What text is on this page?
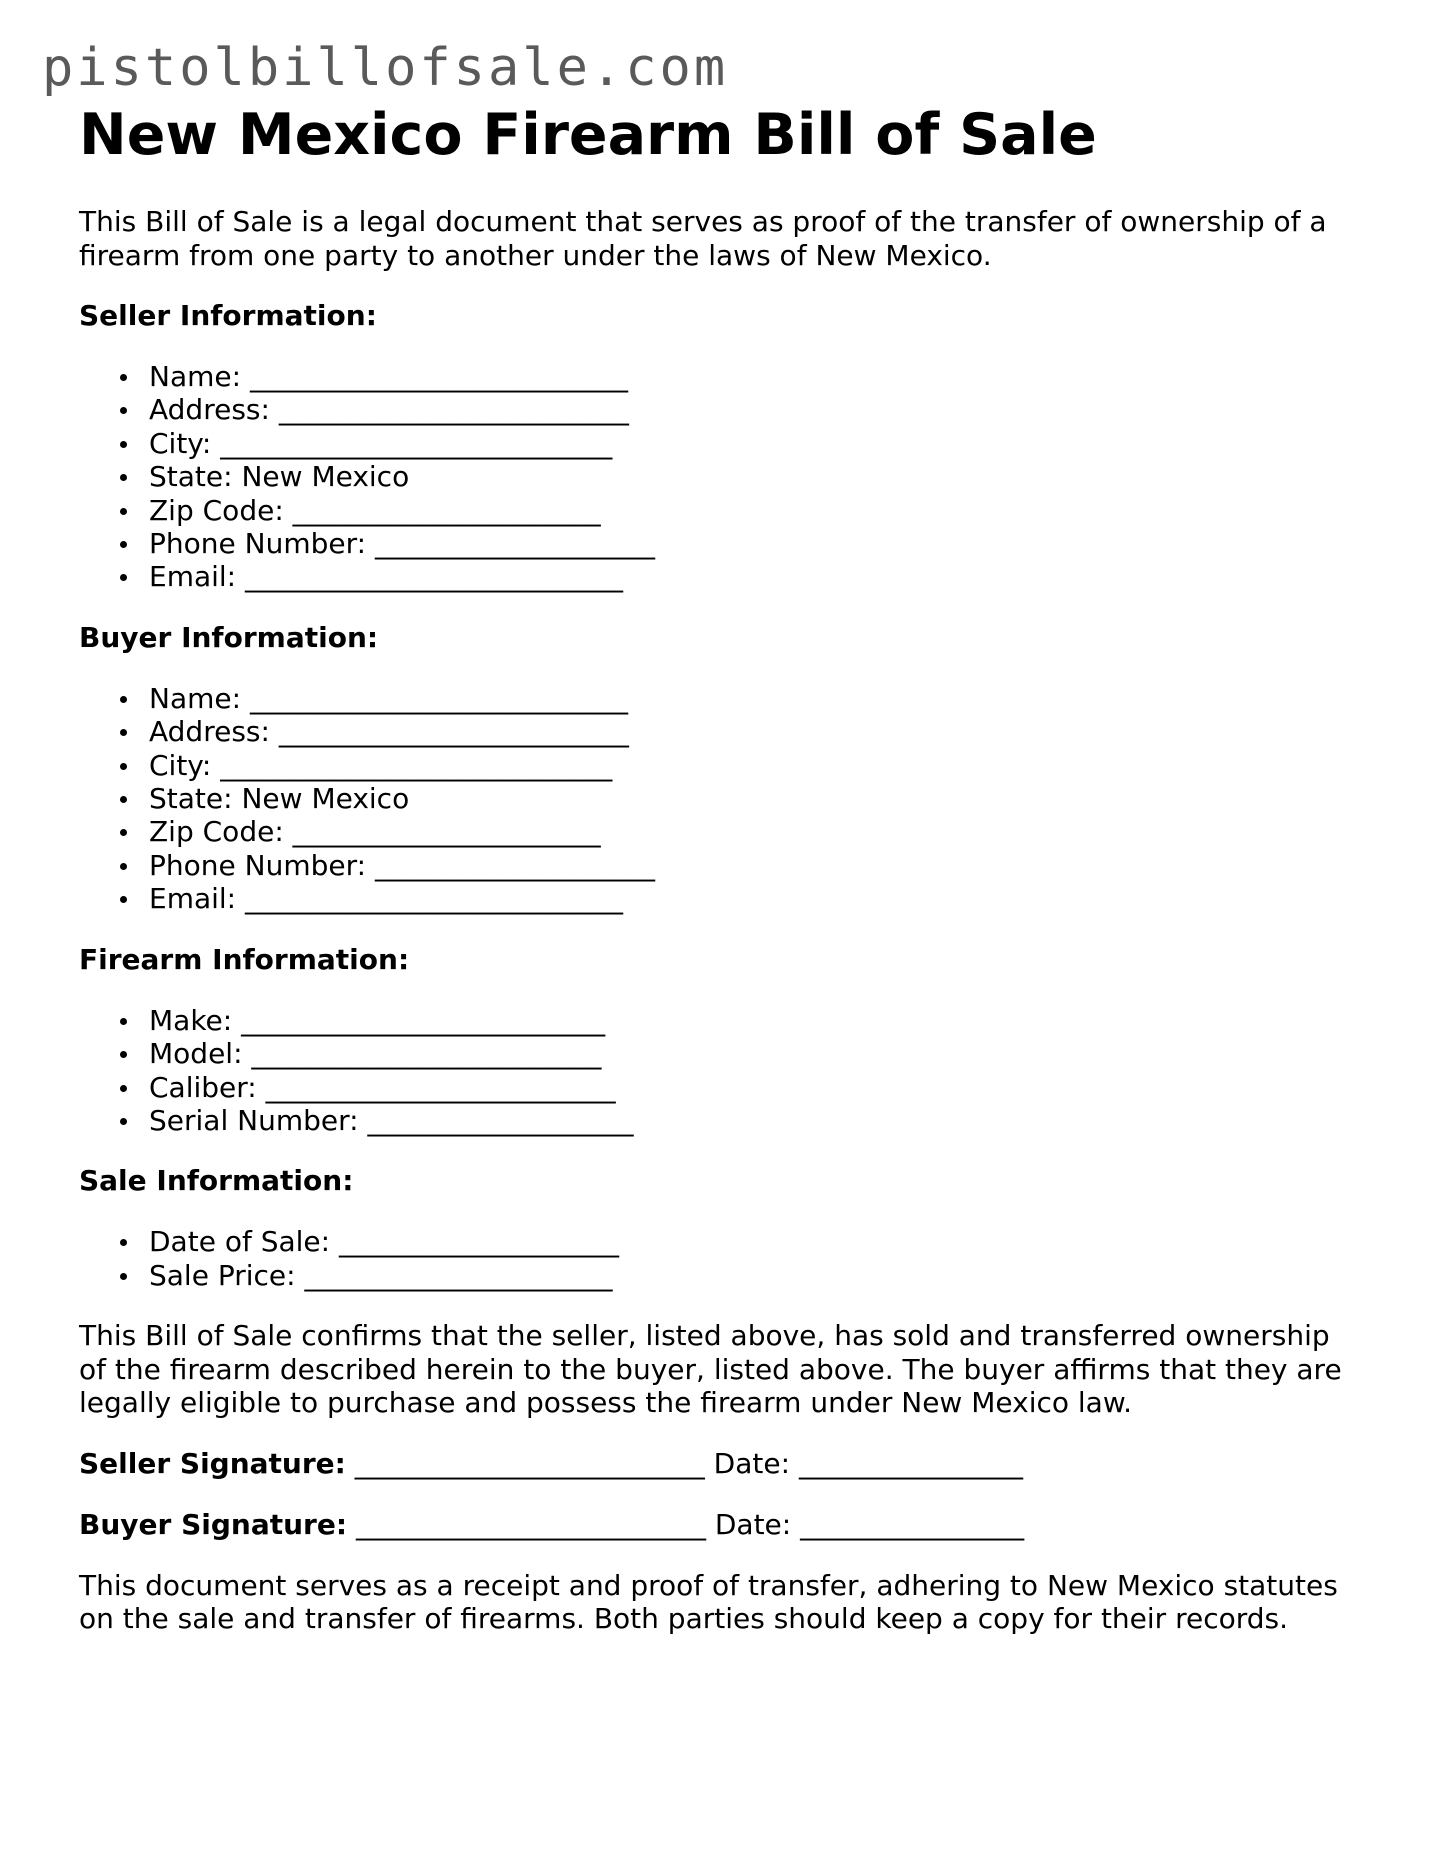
pistolbillofsale.com
New Mexico Firearm Bill of Sale

This Bill of Sale is a legal document that serves as proof of the transfer of ownership of a firearm from one party to another under the laws of New Mexico.

Seller Information:
Name: ___________________________
Address: _________________________
City: ____________________________
State: New Mexico
Zip Code: ______________________
Phone Number: ____________________
Email: ___________________________
Buyer Information:
Name: ___________________________
Address: _________________________
City: ____________________________
State: New Mexico
Zip Code: ______________________
Phone Number: ____________________
Email: ___________________________
Firearm Information:
Make: __________________________
Model: _________________________
Caliber: _________________________
Serial Number: ___________________
Sale Information:
Date of Sale: ____________________
Sale Price: ______________________

This Bill of Sale confirms that the seller, listed above, has sold and transferred ownership of the firearm described herein to the buyer, listed above. The buyer affirms that they are legally eligible to purchase and possess the firearm under New Mexico law.

Seller Signature: _________________________ Date: ________________
Buyer Signature: _________________________ Date: ________________

This document serves as a receipt and proof of transfer, adhering to New Mexico statutes on the sale and transfer of firearms. Both parties should keep a copy for their records.
